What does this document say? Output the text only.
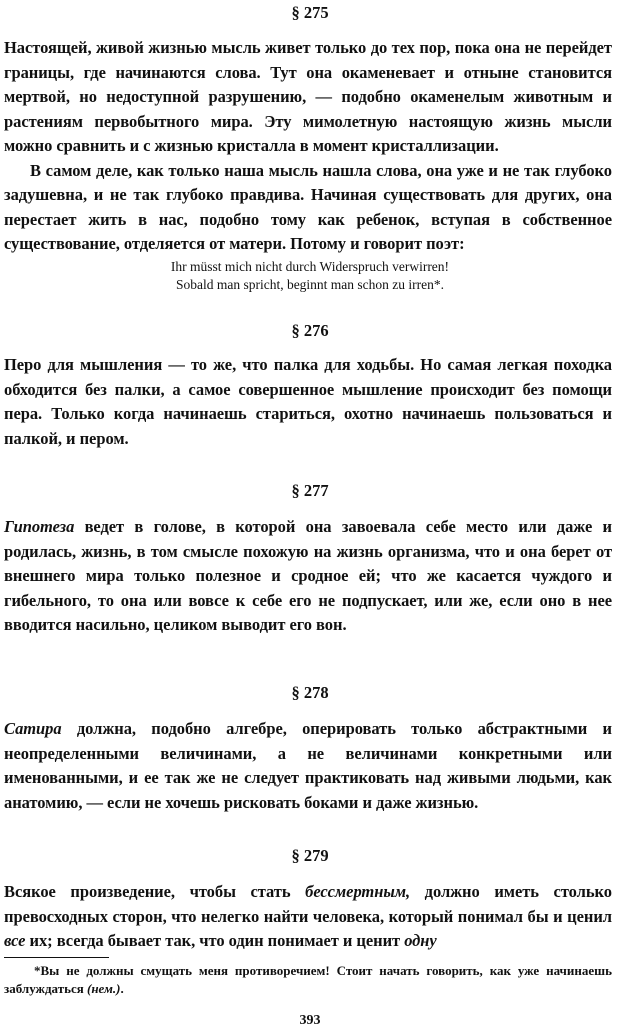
§ 275

Настоящей, живой жизнью мысль живет только до тех пор, пока она не перейдет границы, где начинаются слова. Тут она окаменевает и отныне становится мертвой, но недоступной разрушению, — подобно окаменелым животным и растениям первобытного мира. Эту мимолетную настоящую жизнь мысли можно сравнить и с жизнью кристалла в момент кристаллизации.

В самом деле, как только наша мысль нашла слова, она уже и не так глубоко задушевна, и не так глубоко правдива. Начиная существовать для других, она перестает жить в нас, подобно тому как ребенок, вступая в собственное существование, отделяется от матери. Потому и говорит поэт:

Ihr müsst mich nicht durch Widerspruch verwirren!
Sobald man spricht, beginnt man schon zu irren*.
§ 276

Перо для мышления — то же, что палка для ходьбы. Но самая легкая походка обходится без палки, а самое совершенное мышление происходит без помощи пера. Только когда начинаешь стариться, охотно начинаешь пользоваться и палкой, и пером.

§ 277

Гипотеза ведет в голове, в которой она завоевала себе место или даже и родилась, жизнь, в том смысле похожую на жизнь организма, что и она берет от внешнего мира только полезное и сродное ей; что же касается чуждого и гибельного, то она или вовсе к себе его не подпускает, или же, если оно в нее вводится насильно, целиком выводит его вон.

§ 278

Сатира должна, подобно алгебре, оперировать только абстрактными и неопределенными величинами, а не величинами конкретными или именованными, и ее так же не следует практиковать над живыми людьми, как анатомию, — если не хочешь рисковать боками и даже жизнью.

§ 279

Всякое произведение, чтобы стать бессмертным, должно иметь столько превосходных сторон, что нелегко найти человека, который понимал бы и ценил все их; всегда бывает так, что один понимает и ценит одну

*Вы не должны смущать меня противоречием! Стоит начать говорить, как уже начинаешь заблуждаться (нем.).

393
